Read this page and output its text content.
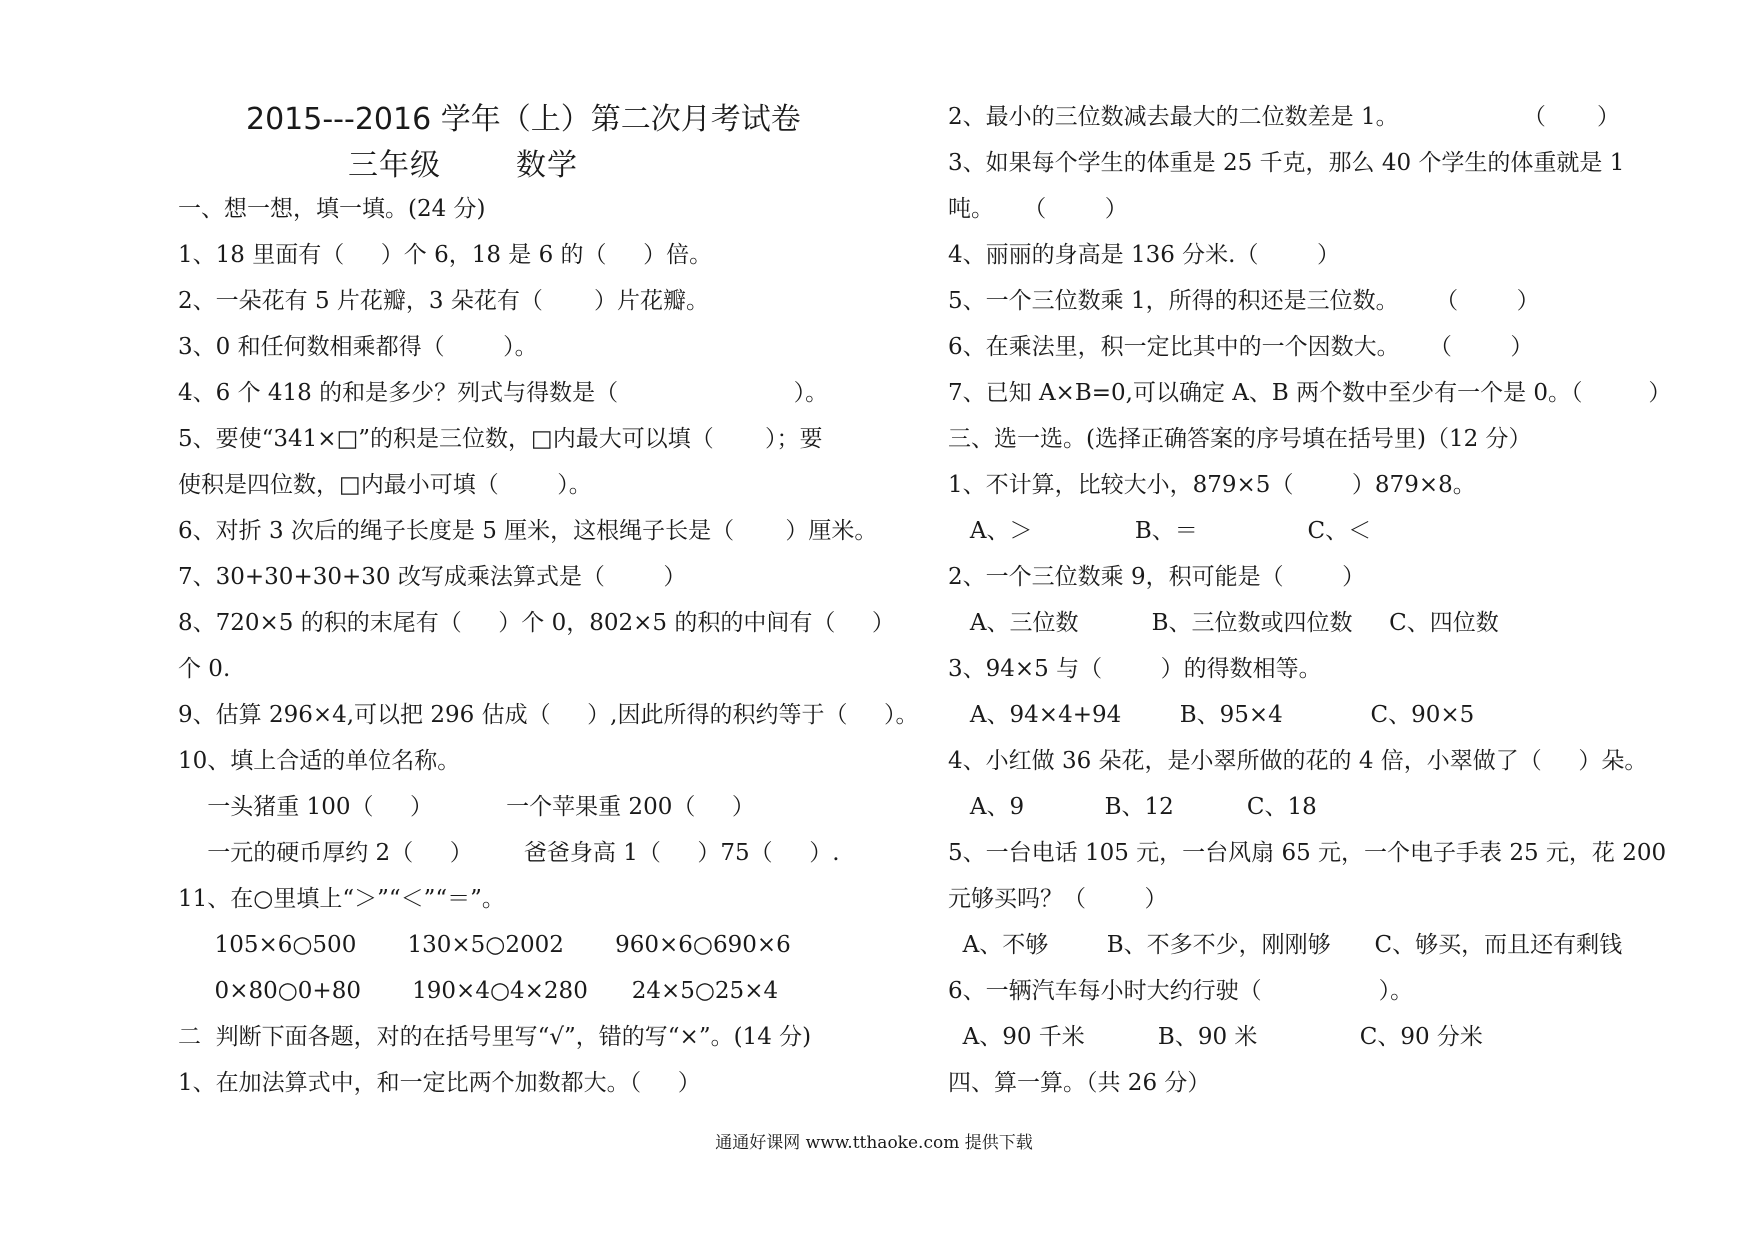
2015---2016 学年（上）第二次月考试卷
三年级	数学
一、想一想，填一填。(24 分)
1、18 里面有（     ）个 6，18 是 6 的（     ）倍。
2、一朵花有 5 片花瓣，3 朵花有（       ）片花瓣。
3、0 和任何数相乘都得（        ）。
4、6 个 418 的和是多少？列式与得数是（                        ）。
5、要使“341×□”的积是三位数，□内最大可以填（       ）；要
使积是四位数，□内最小可填（        ）。
6、对折 3 次后的绳子长度是 5 厘米，这根绳子长是（       ）厘米。
7、30+30+30+30 改写成乘法算式是（        ）
8、720×5 的积的末尾有（     ）个 0，802×5 的积的中间有（     ）
个 0.
9、估算 296×4,可以把 296 估成（     ）,因此所得的积约等于（     ）。
10、填上合适的单位名称。
一头猪重 100（     ）          一个苹果重 200（     ）
一元的硬币厚约 2（     ）       爸爸身高 1（     ）75（     ）.
11、在○里填上“＞”“＜”“＝”。
105×6○500       130×5○2002       960×6○690×6
0×80○0+80       190×4○4×280      24×5○25×4
二  判断下面各题，对的在括号里写“√”，错的写“×”。(14 分)
1、在加法算式中，和一定比两个加数都大。（     ）
2、最小的三位数减去最大的二位数差是 1。                 （       ）
3、如果每个学生的体重是 25 千克，那么 40 个学生的体重就是 1
吨。    （        ）
4、丽丽的身高是 136 分米.（        ）
5、一个三位数乘 1，所得的积还是三位数。     （        ）
6、在乘法里，积一定比其中的一个因数大。    （        ）
7、已知 A×B=0,可以确定 A、B 两个数中至少有一个是 0。（         ）
三、选一选。(选择正确答案的序号填在括号里)（12 分）
1、不计算，比较大小，879×5（        ）879×8。
A、＞              B、＝               C、＜
2、一个三位数乘 9，积可能是（        ）
A、三位数          B、三位数或四位数     C、四位数
3、94×5 与（        ）的得数相等。
A、94×4+94        B、95×4            C、90×5
4、小红做 36 朵花，是小翠所做的花的 4 倍，小翠做了（     ）朵。
A、9           B、12          C、18
5、一台电话 105 元，一台风扇 65 元，一个电子手表 25 元，花 200
元够买吗？（        ）
A、不够        B、不多不少，刚刚够      C、够买，而且还有剩钱
6、一辆汽车每小时大约行驶（                ）。
A、90 千米          B、90 米              C、90 分米
四、算一算。（共 26 分）
通通好课网 www.tthaoke.com 提供下载
